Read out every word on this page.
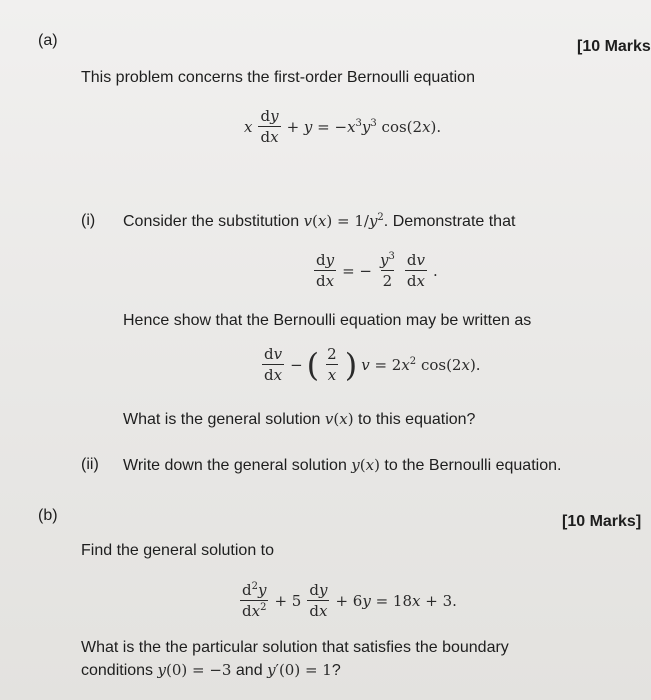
(a)	[10 Marks
This problem concerns the first-order Bernoulli equation
x $\frac{dy}{dx} + y = -x^3y^3$ cos(2x).
(i) Consider the substitution $v(x) = 1/y^2$. Demonstrate that
$\frac{dy}{dx}$ = − $\frac{y^3}{2} \frac{dv}{dx}$ .
Hence show that the Bernoulli equation may be written as
$\frac{dv}{dx}$ − ( $\frac{2}{x}$ ) $v = 2x^2$ cos(2x).
What is the general solution v(x) to this equation?
(ii) Write down the general solution y(x) to the Bernoulli equation.
(b)	[10 Marks]
Find the general solution to
$\frac{d^2y}{dx^2} + 5 \frac{dy}{dx} + 6y = 18x + 3$.
What is the the particular solution that satisfies the boundary
conditions y(0) = −3 and y′(0) = 1?
